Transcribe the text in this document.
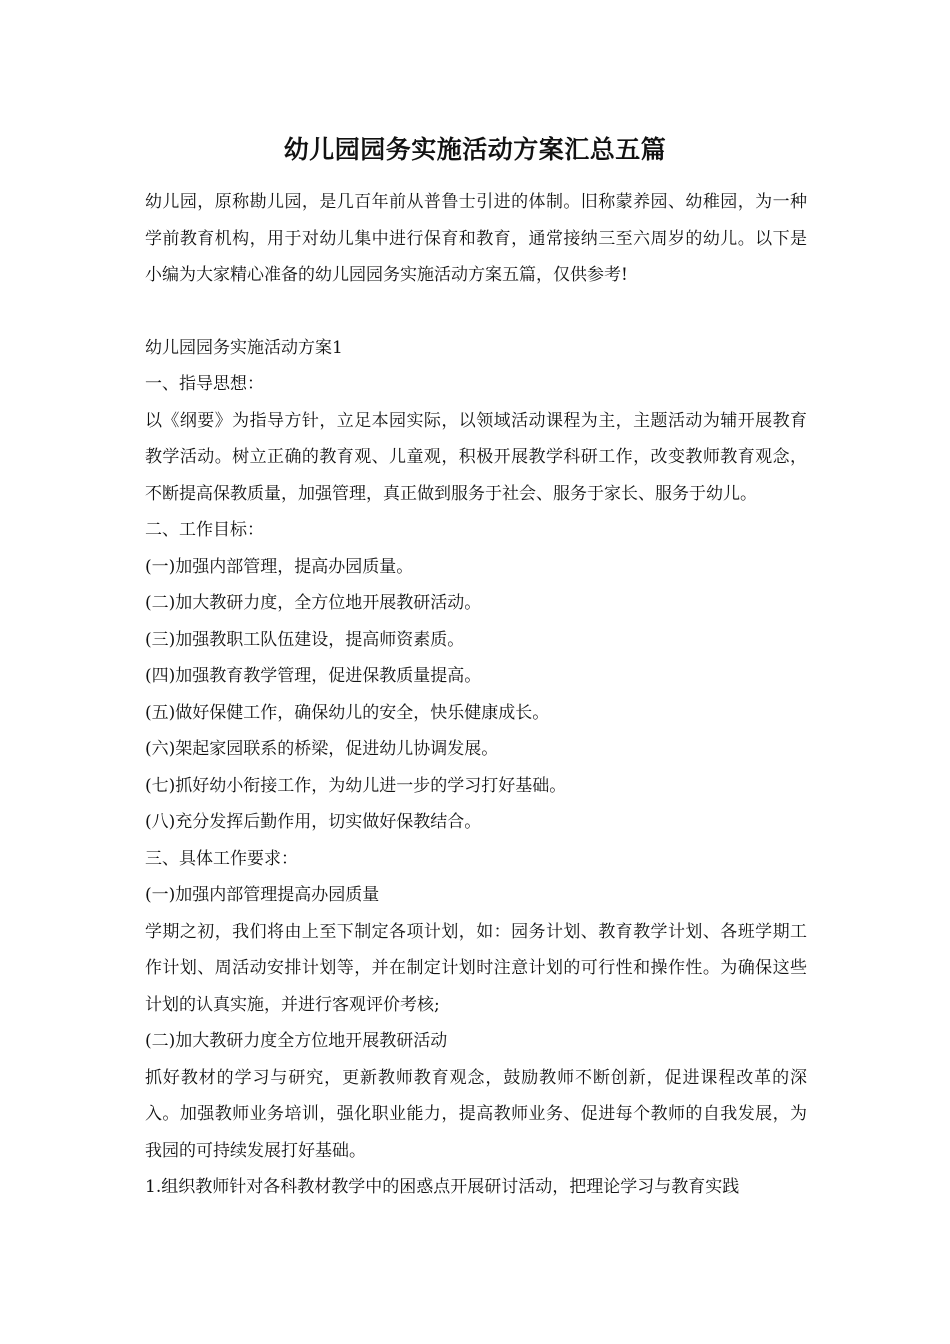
幼儿园园务实施活动方案汇总五篇

幼儿园，原称勘儿园，是几百年前从普鲁士引进的体制。旧称蒙养园、幼稚园，为一种学前教育机构，用于对幼儿集中进行保育和教育，通常接纳三至六周岁的幼儿。以下是小编为大家精心准备的幼儿园园务实施活动方案五篇，仅供参考!

幼儿园园务实施活动方案1

一、指导思想：

以《纲要》为指导方针，立足本园实际，以领域活动课程为主，主题活动为辅开展教育教学活动。树立正确的教育观、儿童观，积极开展教学科研工作，改变教师教育观念，不断提高保教质量，加强管理，真正做到服务于社会、服务于家长、服务于幼儿。

二、工作目标：

(一)加强内部管理，提高办园质量。

(二)加大教研力度，全方位地开展教研活动。

(三)加强教职工队伍建设，提高师资素质。

(四)加强教育教学管理，促进保教质量提高。

(五)做好保健工作，确保幼儿的安全，快乐健康成长。

(六)架起家园联系的桥梁，促进幼儿协调发展。

(七)抓好幼小衔接工作，为幼儿进一步的学习打好基础。

(八)充分发挥后勤作用，切实做好保教结合。

三、具体工作要求：

(一)加强内部管理提高办园质量

学期之初，我们将由上至下制定各项计划，如：园务计划、教育教学计划、各班学期工作计划、周活动安排计划等，并在制定计划时注意计划的可行性和操作性。为确保这些计划的认真实施，并进行客观评价考核;

(二)加大教研力度全方位地开展教研活动

抓好教材的学习与研究，更新教师教育观念，鼓励教师不断创新，促进课程改革的深入。加强教师业务培训，强化职业能力，提高教师业务、促进每个教师的自我发展，为我园的可持续发展打好基础。

1.组织教师针对各科教材教学中的困惑点开展研讨活动，把理论学习与教育实践
